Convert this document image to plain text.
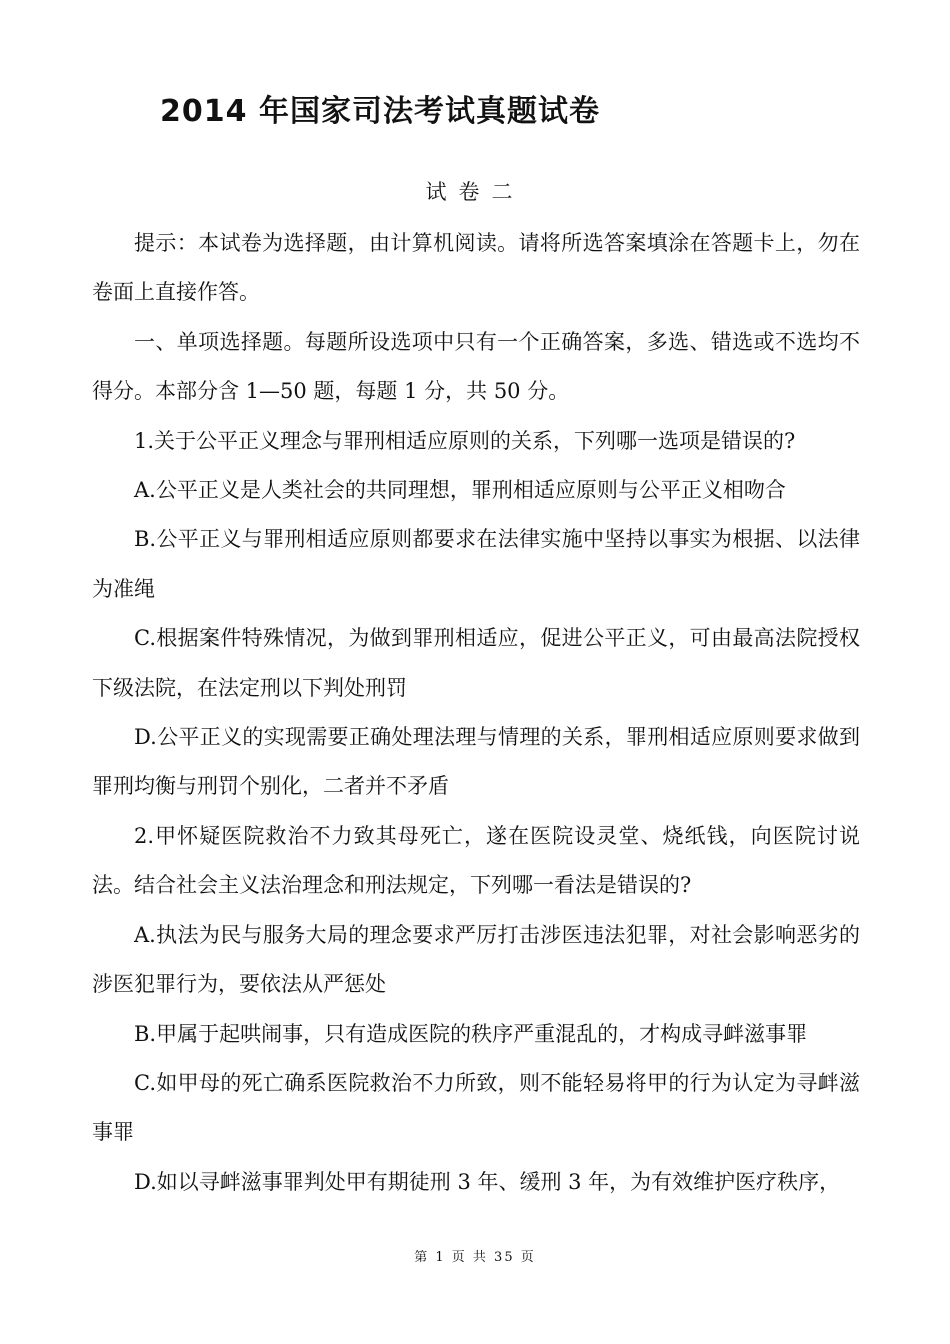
2014 年国家司法考试真题试卷
试卷二

提示：本试卷为选择题，由计算机阅读。请将所选答案填涂在答题卡上，勿在卷面上直接作答。

一、单项选择题。每题所设选项中只有一个正确答案，多选、错选或不选均不得分。本部分含 1—50 题，每题 1 分，共 50 分。

1.关于公平正义理念与罪刑相适应原则的关系，下列哪一选项是错误的?

A.公平正义是人类社会的共同理想，罪刑相适应原则与公平正义相吻合

B.公平正义与罪刑相适应原则都要求在法律实施中坚持以事实为根据、以法律为准绳

C.根据案件特殊情况，为做到罪刑相适应，促进公平正义，可由最高法院授权下级法院，在法定刑以下判处刑罚

D.公平正义的实现需要正确处理法理与情理的关系，罪刑相适应原则要求做到罪刑均衡与刑罚个别化，二者并不矛盾

2.甲怀疑医院救治不力致其母死亡，遂在医院设灵堂、烧纸钱，向医院讨说法。结合社会主义法治理念和刑法规定，下列哪一看法是错误的?

A.执法为民与服务大局的理念要求严厉打击涉医违法犯罪，对社会影响恶劣的涉医犯罪行为，要依法从严惩处

B.甲属于起哄闹事，只有造成医院的秩序严重混乱的，才构成寻衅滋事罪

C.如甲母的死亡确系医院救治不力所致，则不能轻易将甲的行为认定为寻衅滋事罪

D.如以寻衅滋事罪判处甲有期徒刑 3 年、缓刑 3 年，为有效维护医疗秩序，

第 1 页 共 35 页
